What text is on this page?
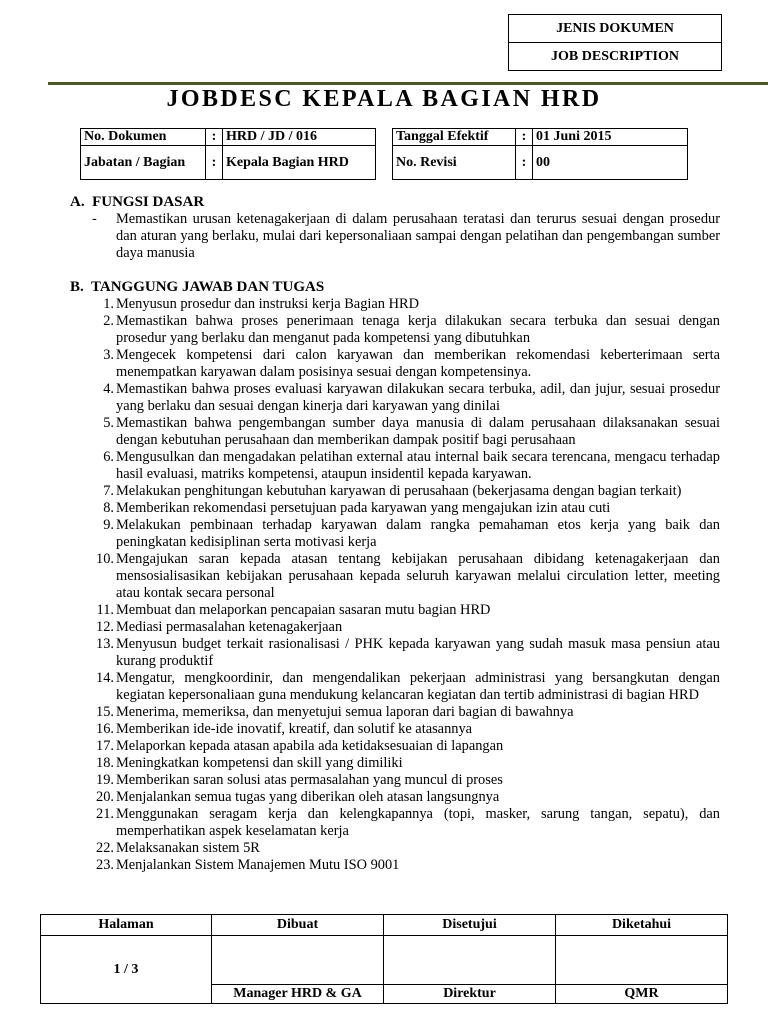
JENIS DOKUMEN
JOB DESCRIPTION
JOBDESC KEPALA BAGIAN HRD
No. Dokumen	:	HRD / JD / 016
Jabatan / Bagian	:	Kepala Bagian HRD
Tanggal Efektif	:	01 Juni 2015
No. Revisi	:	00
A.  FUNGSI DASAR
- Memastikan urusan ketenagakerjaan di dalam perusahaan teratasi dan terurus sesuai dengan prosedur dan aturan yang berlaku, mulai dari kepersonaliaan sampai dengan pelatihan dan pengembangan sumber daya manusia
B.  TANGGUNG JAWAB DAN TUGAS
1. Menyusun prosedur dan instruksi kerja Bagian HRD
2. Memastikan bahwa proses penerimaan tenaga kerja dilakukan secara terbuka dan sesuai dengan prosedur yang berlaku dan menganut pada kompetensi yang dibutuhkan
3. Mengecek kompetensi dari calon karyawan dan memberikan rekomendasi keberterimaan serta menempatkan karyawan dalam posisinya sesuai dengan kompetensinya.
4. Memastikan bahwa proses evaluasi karyawan dilakukan secara terbuka, adil, dan jujur, sesuai prosedur yang berlaku dan sesuai dengan kinerja dari karyawan yang dinilai
5. Memastikan bahwa pengembangan sumber daya manusia di dalam perusahaan dilaksanakan sesuai dengan kebutuhan perusahaan dan memberikan dampak positif bagi perusahaan
6. Mengusulkan dan mengadakan pelatihan external atau internal baik secara terencana, mengacu terhadap hasil evaluasi, matriks kompetensi, ataupun insidentil kepada karyawan.
7. Melakukan penghitungan kebutuhan karyawan di perusahaan (bekerjasama dengan bagian terkait)
8. Memberikan rekomendasi persetujuan pada karyawan yang mengajukan izin atau cuti
9. Melakukan pembinaan terhadap karyawan dalam rangka pemahaman etos kerja yang baik dan peningkatan kedisiplinan serta motivasi kerja
10. Mengajukan saran kepada atasan tentang kebijakan perusahaan dibidang ketenagakerjaan dan mensosialisasikan kebijakan perusahaan kepada seluruh karyawan melalui circulation letter, meeting atau kontak secara personal
11. Membuat dan melaporkan pencapaian sasaran mutu bagian HRD
12. Mediasi permasalahan ketenagakerjaan
13. Menyusun budget terkait rasionalisasi / PHK kepada karyawan yang sudah masuk masa pensiun atau kurang produktif
14. Mengatur, mengkoordinir, dan mengendalikan pekerjaan administrasi yang bersangkutan dengan kegiatan kepersonaliaan guna mendukung kelancaran kegiatan dan tertib administrasi di bagian HRD
15. Menerima, memeriksa, dan menyetujui semua laporan dari bagian di bawahnya
16. Memberikan ide-ide inovatif, kreatif, dan solutif ke atasannya
17. Melaporkan kepada atasan apabila ada ketidaksesuaian di lapangan
18. Meningkatkan kompetensi dan skill yang dimiliki
19. Memberikan saran solusi atas permasalahan yang muncul di proses
20. Menjalankan semua tugas yang diberikan oleh atasan langsungnya
21. Menggunakan seragam kerja dan kelengkapannya (topi, masker, sarung tangan, sepatu), dan memperhatikan aspek keselamatan kerja
22. Melaksanakan sistem 5R
23. Menjalankan Sistem Manajemen Mutu ISO 9001
Halaman	Dibuat	Disetujui	Diketahui
1 / 3			
	Manager HRD & GA	Direktur	QMR
